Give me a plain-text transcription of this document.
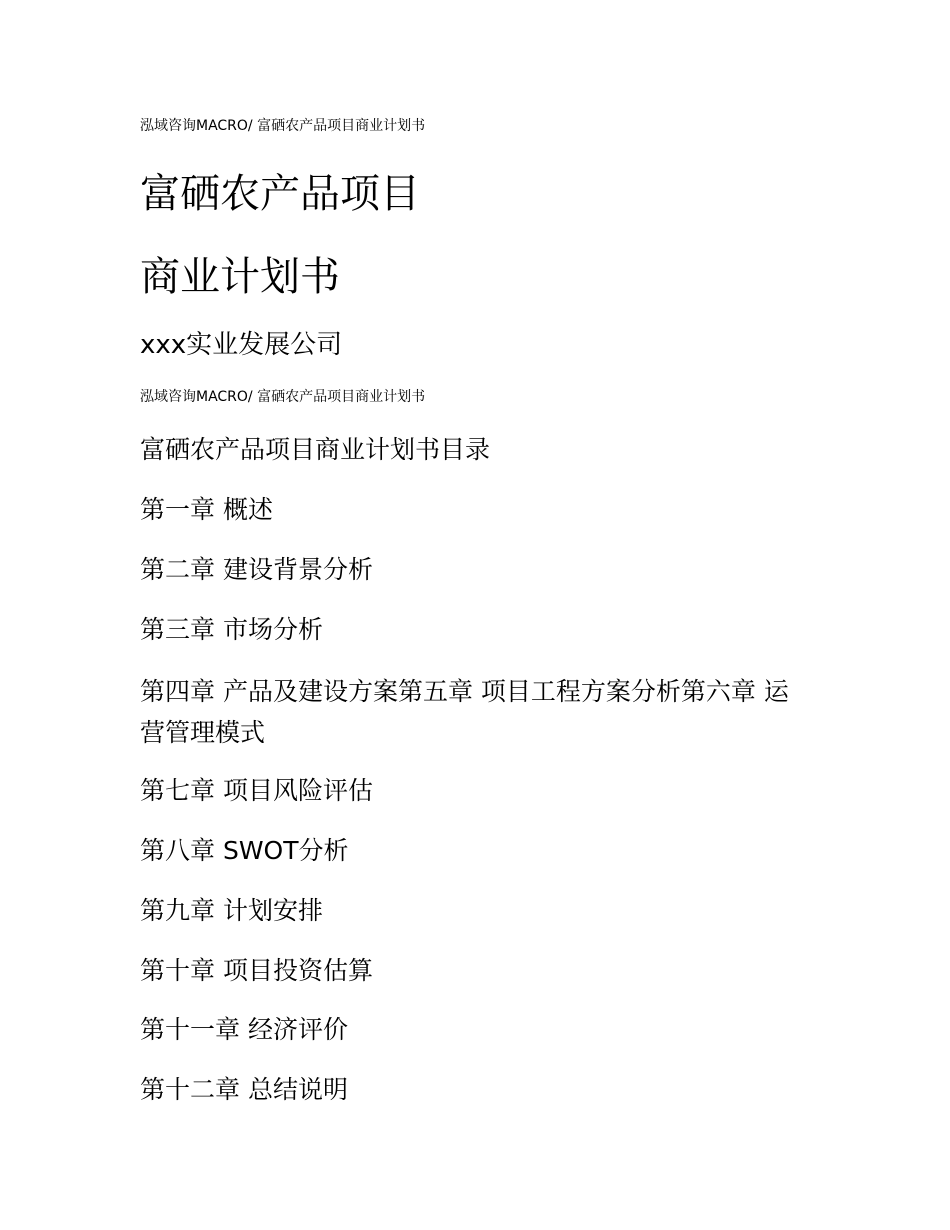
泓域咨询MACRO/ 富硒农产品项目商业计划书

富硒农产品项目

商业计划书

xxx实业发展公司

泓域咨询MACRO/ 富硒农产品项目商业计划书

富硒农产品项目商业计划书目录

第一章 概述

第二章 建设背景分析

第三章 市场分析

第四章 产品及建设方案第五章 项目工程方案分析第六章 运营管理模式

第七章 项目风险评估

第八章 SWOT分析

第九章 计划安排

第十章 项目投资估算

第十一章 经济评价

第十二章 总结说明
